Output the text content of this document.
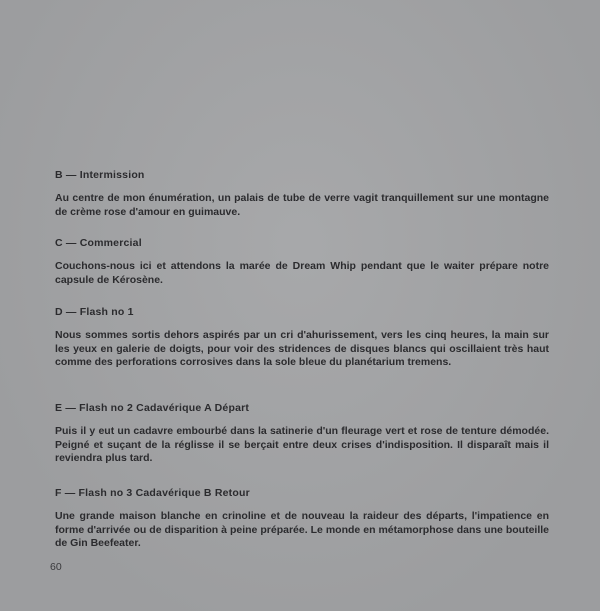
B — Intermission

Au centre de mon énumération, un palais de tube de verre vagit tranquillement sur une montagne de crème rose d'amour en guimauve.

C — Commercial

Couchons-nous ici et attendons la marée de Dream Whip pendant que le waiter prépare notre capsule de Kérosène.

D — Flash no 1

Nous sommes sortis dehors aspirés par un cri d'ahurissement, vers les cinq heures, la main sur les yeux en galerie de doigts, pour voir des stridences de disques blancs qui oscillaient très haut comme des perforations corrosives dans la sole bleue du planétarium tremens.

E — Flash no 2 Cadavérique A Départ

Puis il y eut un cadavre embourbé dans la satinerie d'un fleurage vert et rose de tenture démodée. Peigné et suçant de la réglisse il se berçait entre deux crises d'indisposition. Il disparaît mais il reviendra plus tard.

F — Flash no 3 Cadavérique B Retour

Une grande maison blanche en crinoline et de nouveau la raideur des départs, l'impatience en forme d'arrivée ou de disparition à peine préparée. Le monde en métamorphose dans une bouteille de Gin Beefeater.

60
